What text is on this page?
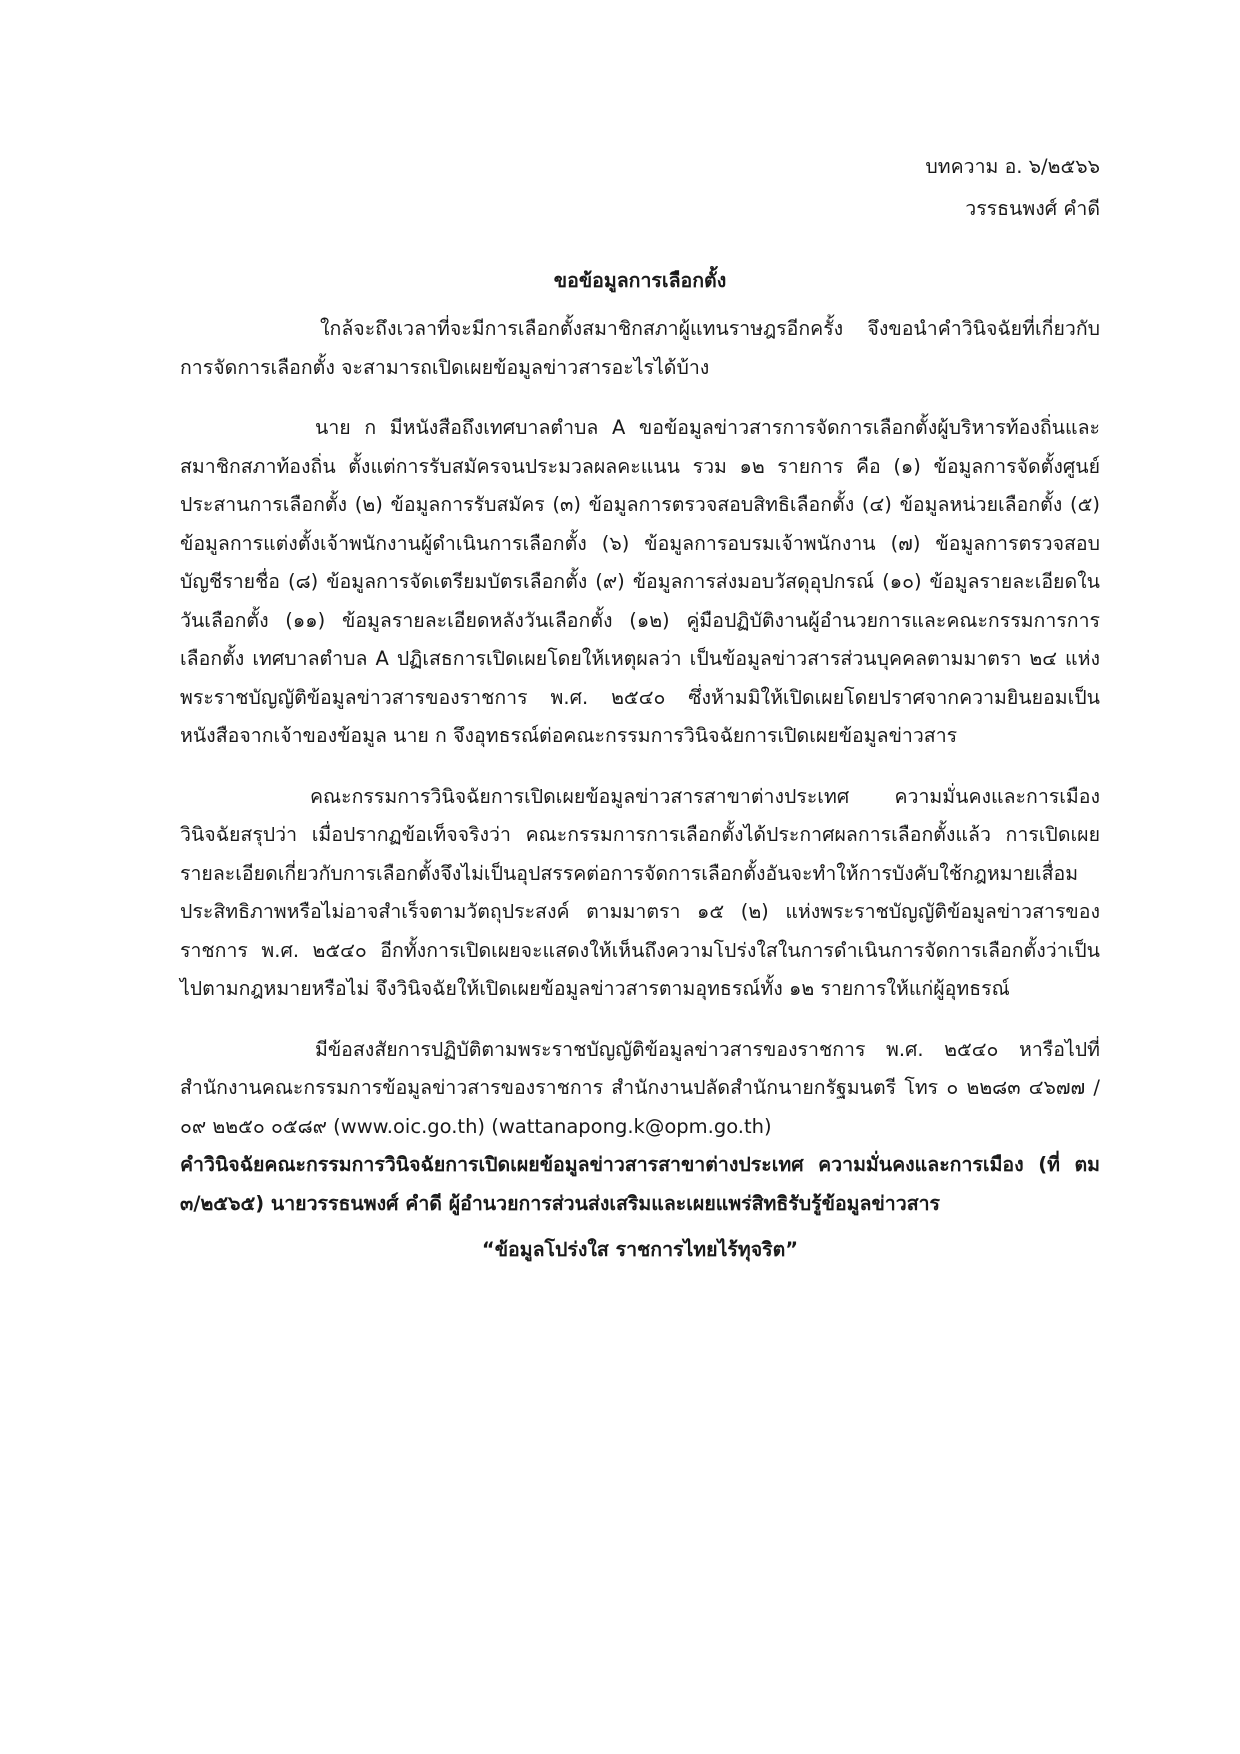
บทความ อ. ๖/๒๕๖๖

วรรธนพงศ์ คำดี

ขอข้อมูลการเลือกตั้ง

ใกล้จะถึงเวลาที่จะมีการเลือกตั้งสมาชิกสภาผู้แทนราษฎรอีกครั้ง จึงขอนำคำวินิจฉัยที่เกี่ยวกับการจัดการเลือกตั้ง จะสามารถเปิดเผยข้อมูลข่าวสารอะไรได้บ้าง

นาย ก มีหนังสือถึงเทศบาลตำบล A ขอข้อมูลข่าวสารการจัดการเลือกตั้งผู้บริหารท้องถิ่นและสมาชิกสภาท้องถิ่น ตั้งแต่การรับสมัครจนประมวลผลคะแนน รวม ๑๒ รายการ คือ (๑) ข้อมูลการจัดตั้งศูนย์ประสานการเลือกตั้ง (๒) ข้อมูลการรับสมัคร (๓) ข้อมูลการตรวจสอบสิทธิเลือกตั้ง (๔) ข้อมูลหน่วยเลือกตั้ง (๕) ข้อมูลการแต่งตั้งเจ้าพนักงานผู้ดำเนินการเลือกตั้ง (๖) ข้อมูลการอบรมเจ้าพนักงาน (๗) ข้อมูลการตรวจสอบบัญชีรายชื่อ (๘) ข้อมูลการจัดเตรียมบัตรเลือกตั้ง (๙) ข้อมูลการส่งมอบวัสดุอุปกรณ์ (๑๐) ข้อมูลรายละเอียดในวันเลือกตั้ง (๑๑) ข้อมูลรายละเอียดหลังวันเลือกตั้ง (๑๒) คู่มือปฏิบัติงานผู้อำนวยการและคณะกรรมการการเลือกตั้ง เทศบาลตำบล A ปฏิเสธการเปิดเผยโดยให้เหตุผลว่า เป็นข้อมูลข่าวสารส่วนบุคคลตามมาตรา ๒๔ แห่งพระราชบัญญัติข้อมูลข่าวสารของราชการ พ.ศ. ๒๕๔๐ ซึ่งห้ามมิให้เปิดเผยโดยปราศจากความยินยอมเป็นหนังสือจากเจ้าของข้อมูล นาย ก จึงอุทธรณ์ต่อคณะกรรมการวินิจฉัยการเปิดเผยข้อมูลข่าวสาร

คณะกรรมการวินิจฉัยการเปิดเผยข้อมูลข่าวสารสาขาต่างประเทศ ความมั่นคงและการเมือง วินิจฉัยสรุปว่า เมื่อปรากฏข้อเท็จจริงว่า คณะกรรมการการเลือกตั้งได้ประกาศผลการเลือกตั้งแล้ว การเปิดเผยรายละเอียดเกี่ยวกับการเลือกตั้งจึงไม่เป็นอุปสรรคต่อการจัดการเลือกตั้งอันจะทำให้การบังคับใช้กฎหมายเสื่อมประสิทธิภาพหรือไม่อาจสำเร็จตามวัตถุประสงค์ ตามมาตรา ๑๕ (๒) แห่งพระราชบัญญัติข้อมูลข่าวสารของราชการ พ.ศ. ๒๕๔๐ อีกทั้งการเปิดเผยจะแสดงให้เห็นถึงความโปร่งใสในการดำเนินการจัดการเลือกตั้งว่าเป็นไปตามกฎหมายหรือไม่ จึงวินิจฉัยให้เปิดเผยข้อมูลข่าวสารตามอุทธรณ์ทั้ง ๑๒ รายการให้แก่ผู้อุทธรณ์

มีข้อสงสัยการปฏิบัติตามพระราชบัญญัติข้อมูลข่าวสารของราชการ พ.ศ. ๒๕๔๐ หารือไปที่สำนักงานคณะกรรมการข้อมูลข่าวสารของราชการ สำนักงานปลัดสำนักนายกรัฐมนตรี โทร ๐ ๒๒๘๓ ๔๖๗๗ / ๐๙ ๒๒๕๐ ๐๕๘๙ (www.oic.go.th) (wattanapong.k@opm.go.th)

คำวินิจฉัยคณะกรรมการวินิจฉัยการเปิดเผยข้อมูลข่าวสารสาขาต่างประเทศ ความมั่นคงและการเมือง (ที่ ตม ๓/๒๕๖๕) นายวรรธนพงศ์ คำดี ผู้อำนวยการส่วนส่งเสริมและเผยแพร่สิทธิรับรู้ข้อมูลข่าวสาร

“ข้อมูลโปร่งใส ราชการไทยไร้ทุจริต”
